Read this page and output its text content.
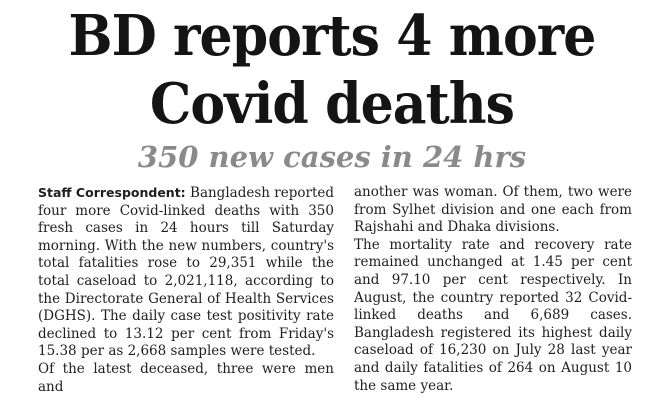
BD reports 4 more
Covid deaths
350 new cases in 24 hrs

Staff Correspondent: Bangladesh reported four more Covid-linked deaths with 350 fresh cases in 24 hours till Saturday morning. With the new numbers, country's total fatalities rose to 29,351 while the total caseload to 2,021,118, according to the Directorate General of Health Services (DGHS). The daily case test positivity rate declined to 13.12 per cent from Friday's 15.38 per as 2,668 samples were tested.

Of the latest deceased, three were men and

another was woman. Of them, two were from Sylhet division and one each from Rajshahi and Dhaka divisions.

The mortality rate and recovery rate remained unchanged at 1.45 per cent and 97.10 per cent respectively. In August, the country reported 32 Covid-linked deaths and 6,689 cases. Bangladesh registered its highest daily caseload of 16,230 on July 28 last year and daily fatalities of 264 on August 10 the same year.
